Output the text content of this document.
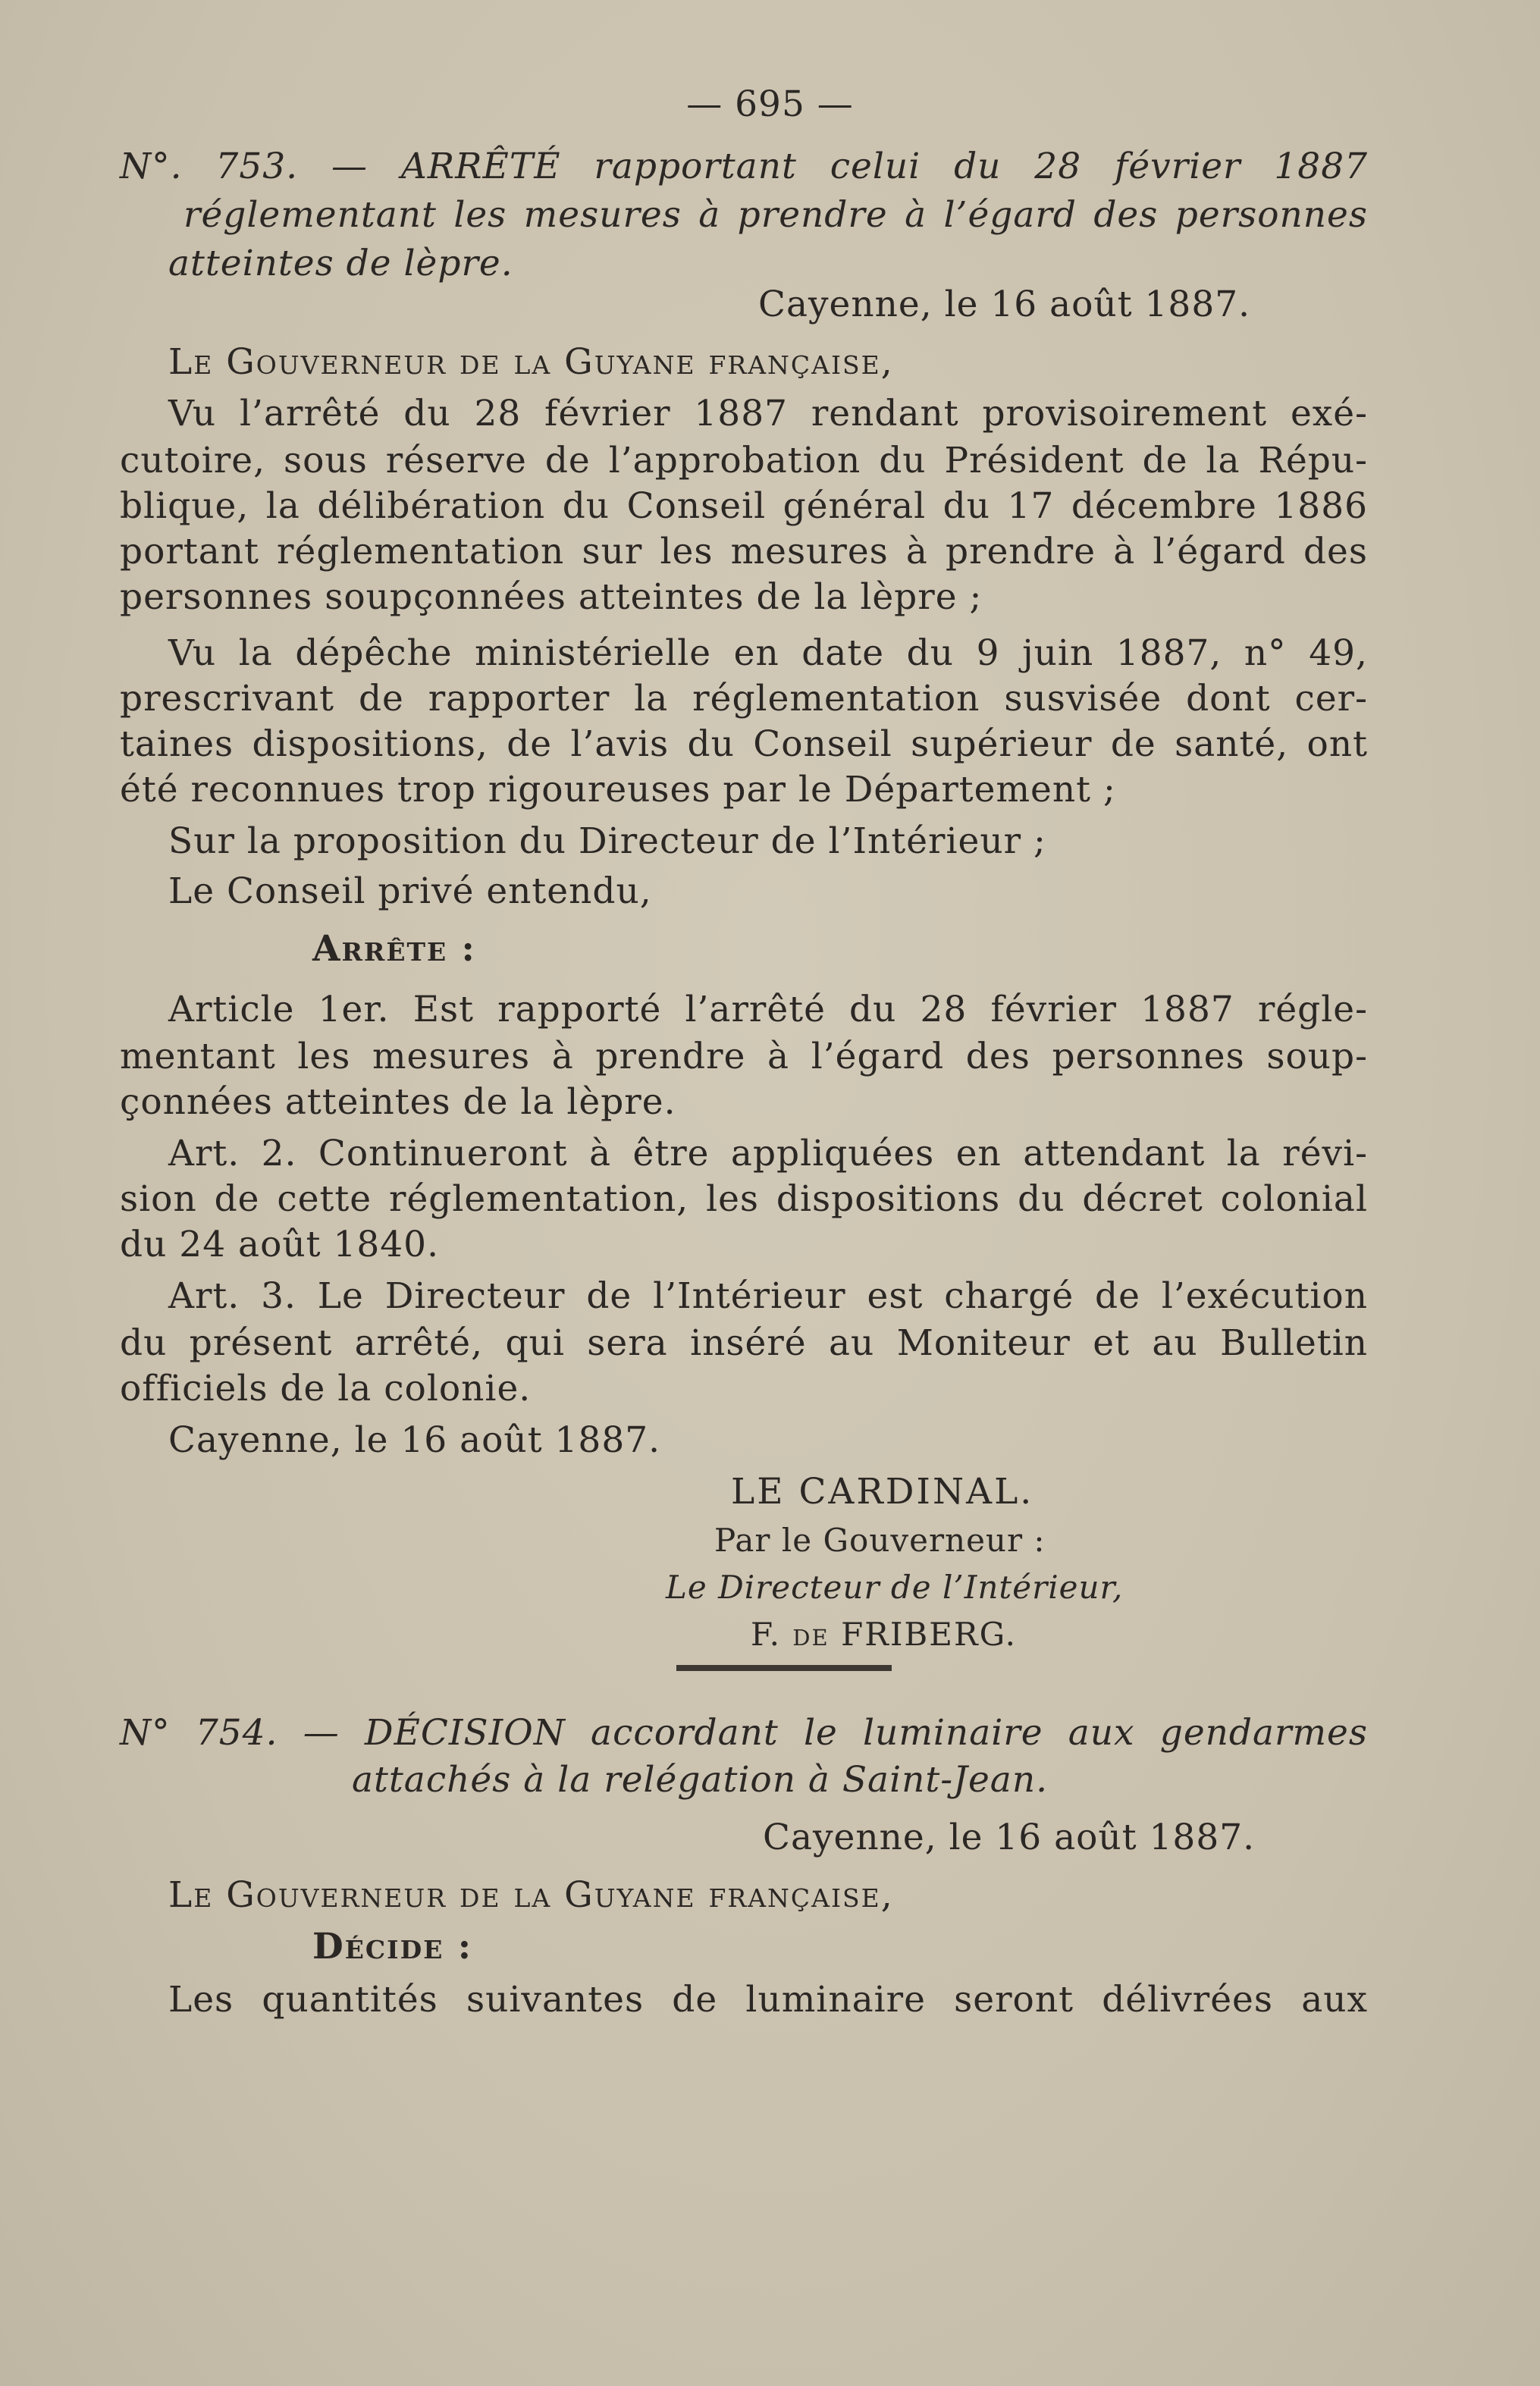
— 695 —
N°. 753. — ARRÊTÉ rapportant celui du 28 février 1887
réglementant les mesures à prendre à l’égard des personnes
atteintes de lèpre.
Cayenne, le 16 août 1887.
Le Gouverneur de la Guyane française,
Vu l’arrêté du 28 février 1887 rendant provisoirement exé-
cutoire, sous réserve de l’approbation du Président de la Répu-
blique, la délibération du Conseil général du 17 décembre 1886
portant réglementation sur les mesures à prendre à l’égard des
personnes soupçonnées atteintes de la lèpre ;
Vu la dépêche ministérielle en date du 9 juin 1887, n° 49,
prescrivant de rapporter la réglementation susvisée dont cer-
taines dispositions, de l’avis du Conseil supérieur de santé, ont
été reconnues trop rigoureuses par le Département ;
Sur la proposition du Directeur de l’Intérieur ;
Le Conseil privé entendu,
Arrête :
Article 1er. Est rapporté l’arrêté du 28 février 1887 régle-
mentant les mesures à prendre à l’égard des personnes soup-
çonnées atteintes de la lèpre.
Art. 2. Continueront à être appliquées en attendant la révi-
sion de cette réglementation, les dispositions du décret colonial
du 24 août 1840.
Art. 3. Le Directeur de l’Intérieur est chargé de l’exécution
du présent arrêté, qui sera inséré au Moniteur et au Bulletin
officiels de la colonie.
Cayenne, le 16 août 1887.
LE CARDINAL.
Par le Gouverneur :
Le Directeur de l’Intérieur,
F. de FRIBERG.
N° 754. — DÉCISION accordant le luminaire aux gendarmes
attachés à la relégation à Saint-Jean.
Cayenne, le 16 août 1887.
Le Gouverneur de la Guyane française,
Décide :
Les quantités suivantes de luminaire seront délivrées aux
